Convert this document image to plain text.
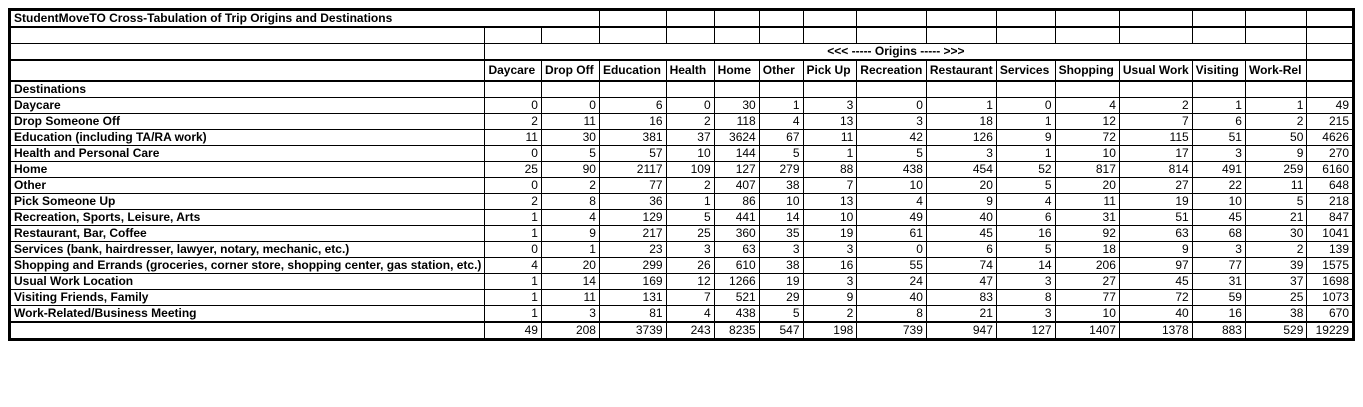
StudentMoveTO Cross-Tabulation of Trip Origins and Destinations															

	<<< ----- Origins ----- >>>														
	Daycare	Drop Off	Education	Health	Home	Other	Pick Up	Recreation	Restaurant	Services	Shopping	Usual Work	Visiting	Work-Rel	
Destinations															
Daycare	0	0	6	0	30	1	3	0	1	0	4	2	1	1	49
Drop Someone Off	2	11	16	2	118	4	13	3	18	1	12	7	6	2	215
Education (including TA/RA work)	11	30	381	37	3624	67	11	42	126	9	72	115	51	50	4626
Health and Personal Care	0	5	57	10	144	5	1	5	3	1	10	17	3	9	270
Home	25	90	2117	109	127	279	88	438	454	52	817	814	491	259	6160
Other	0	2	77	2	407	38	7	10	20	5	20	27	22	11	648
Pick Someone Up	2	8	36	1	86	10	13	4	9	4	11	19	10	5	218
Recreation, Sports, Leisure, Arts	1	4	129	5	441	14	10	49	40	6	31	51	45	21	847
Restaurant, Bar, Coffee	1	9	217	25	360	35	19	61	45	16	92	63	68	30	1041
Services (bank, hairdresser, lawyer, notary, mechanic, etc.)	0	1	23	3	63	3	3	0	6	5	18	9	3	2	139
Shopping and Errands (groceries, corner store, shopping center, gas station, etc.)	4	20	299	26	610	38	16	55	74	14	206	97	77	39	1575
Usual Work Location	1	14	169	12	1266	19	3	24	47	3	27	45	31	37	1698
Visiting Friends, Family	1	11	131	7	521	29	9	40	83	8	77	72	59	25	1073
Work-Related/Business Meeting	1	3	81	4	438	5	2	8	21	3	10	40	16	38	670
	49	208	3739	243	8235	547	198	739	947	127	1407	1378	883	529	19229
